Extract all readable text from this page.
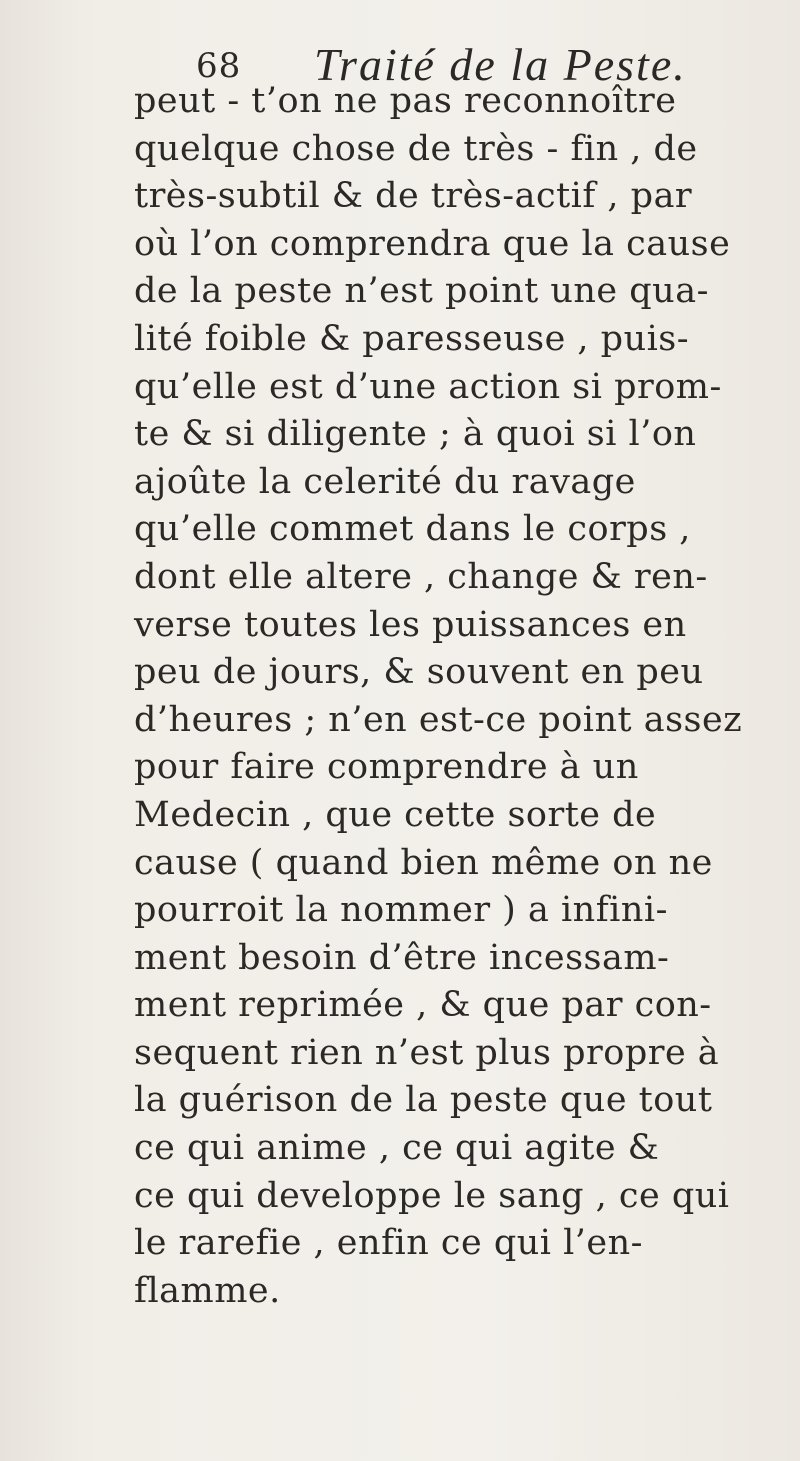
68 Traité de la Peste.
peut - t’on ne pas reconnoître
quelque chose de très - fin , de
très-subtil & de très-actif , par
où l’on comprendra que la cause
de la peste n’est point une qua-
lité foible & paresseuse , puis-
qu’elle est d’une action si prom-
te & si diligente ; à quoi si l’on
ajoûte la celerité du ravage
qu’elle commet dans le corps ,
dont elle altere , change & ren-
verse toutes les puissances en
peu de jours, & souvent en peu
d’heures ; n’en est-ce point assez
pour faire comprendre à un
Medecin , que cette sorte de
cause ( quand bien même on ne
pourroit la nommer ) a infini-
ment besoin d’être incessam-
ment reprimée , & que par con-
sequent rien n’est plus propre à
la guérison de la peste que tout
ce qui anime , ce qui agite &
ce qui developpe le sang , ce qui
le rarefie , enfin ce qui l’en-
flamme.
